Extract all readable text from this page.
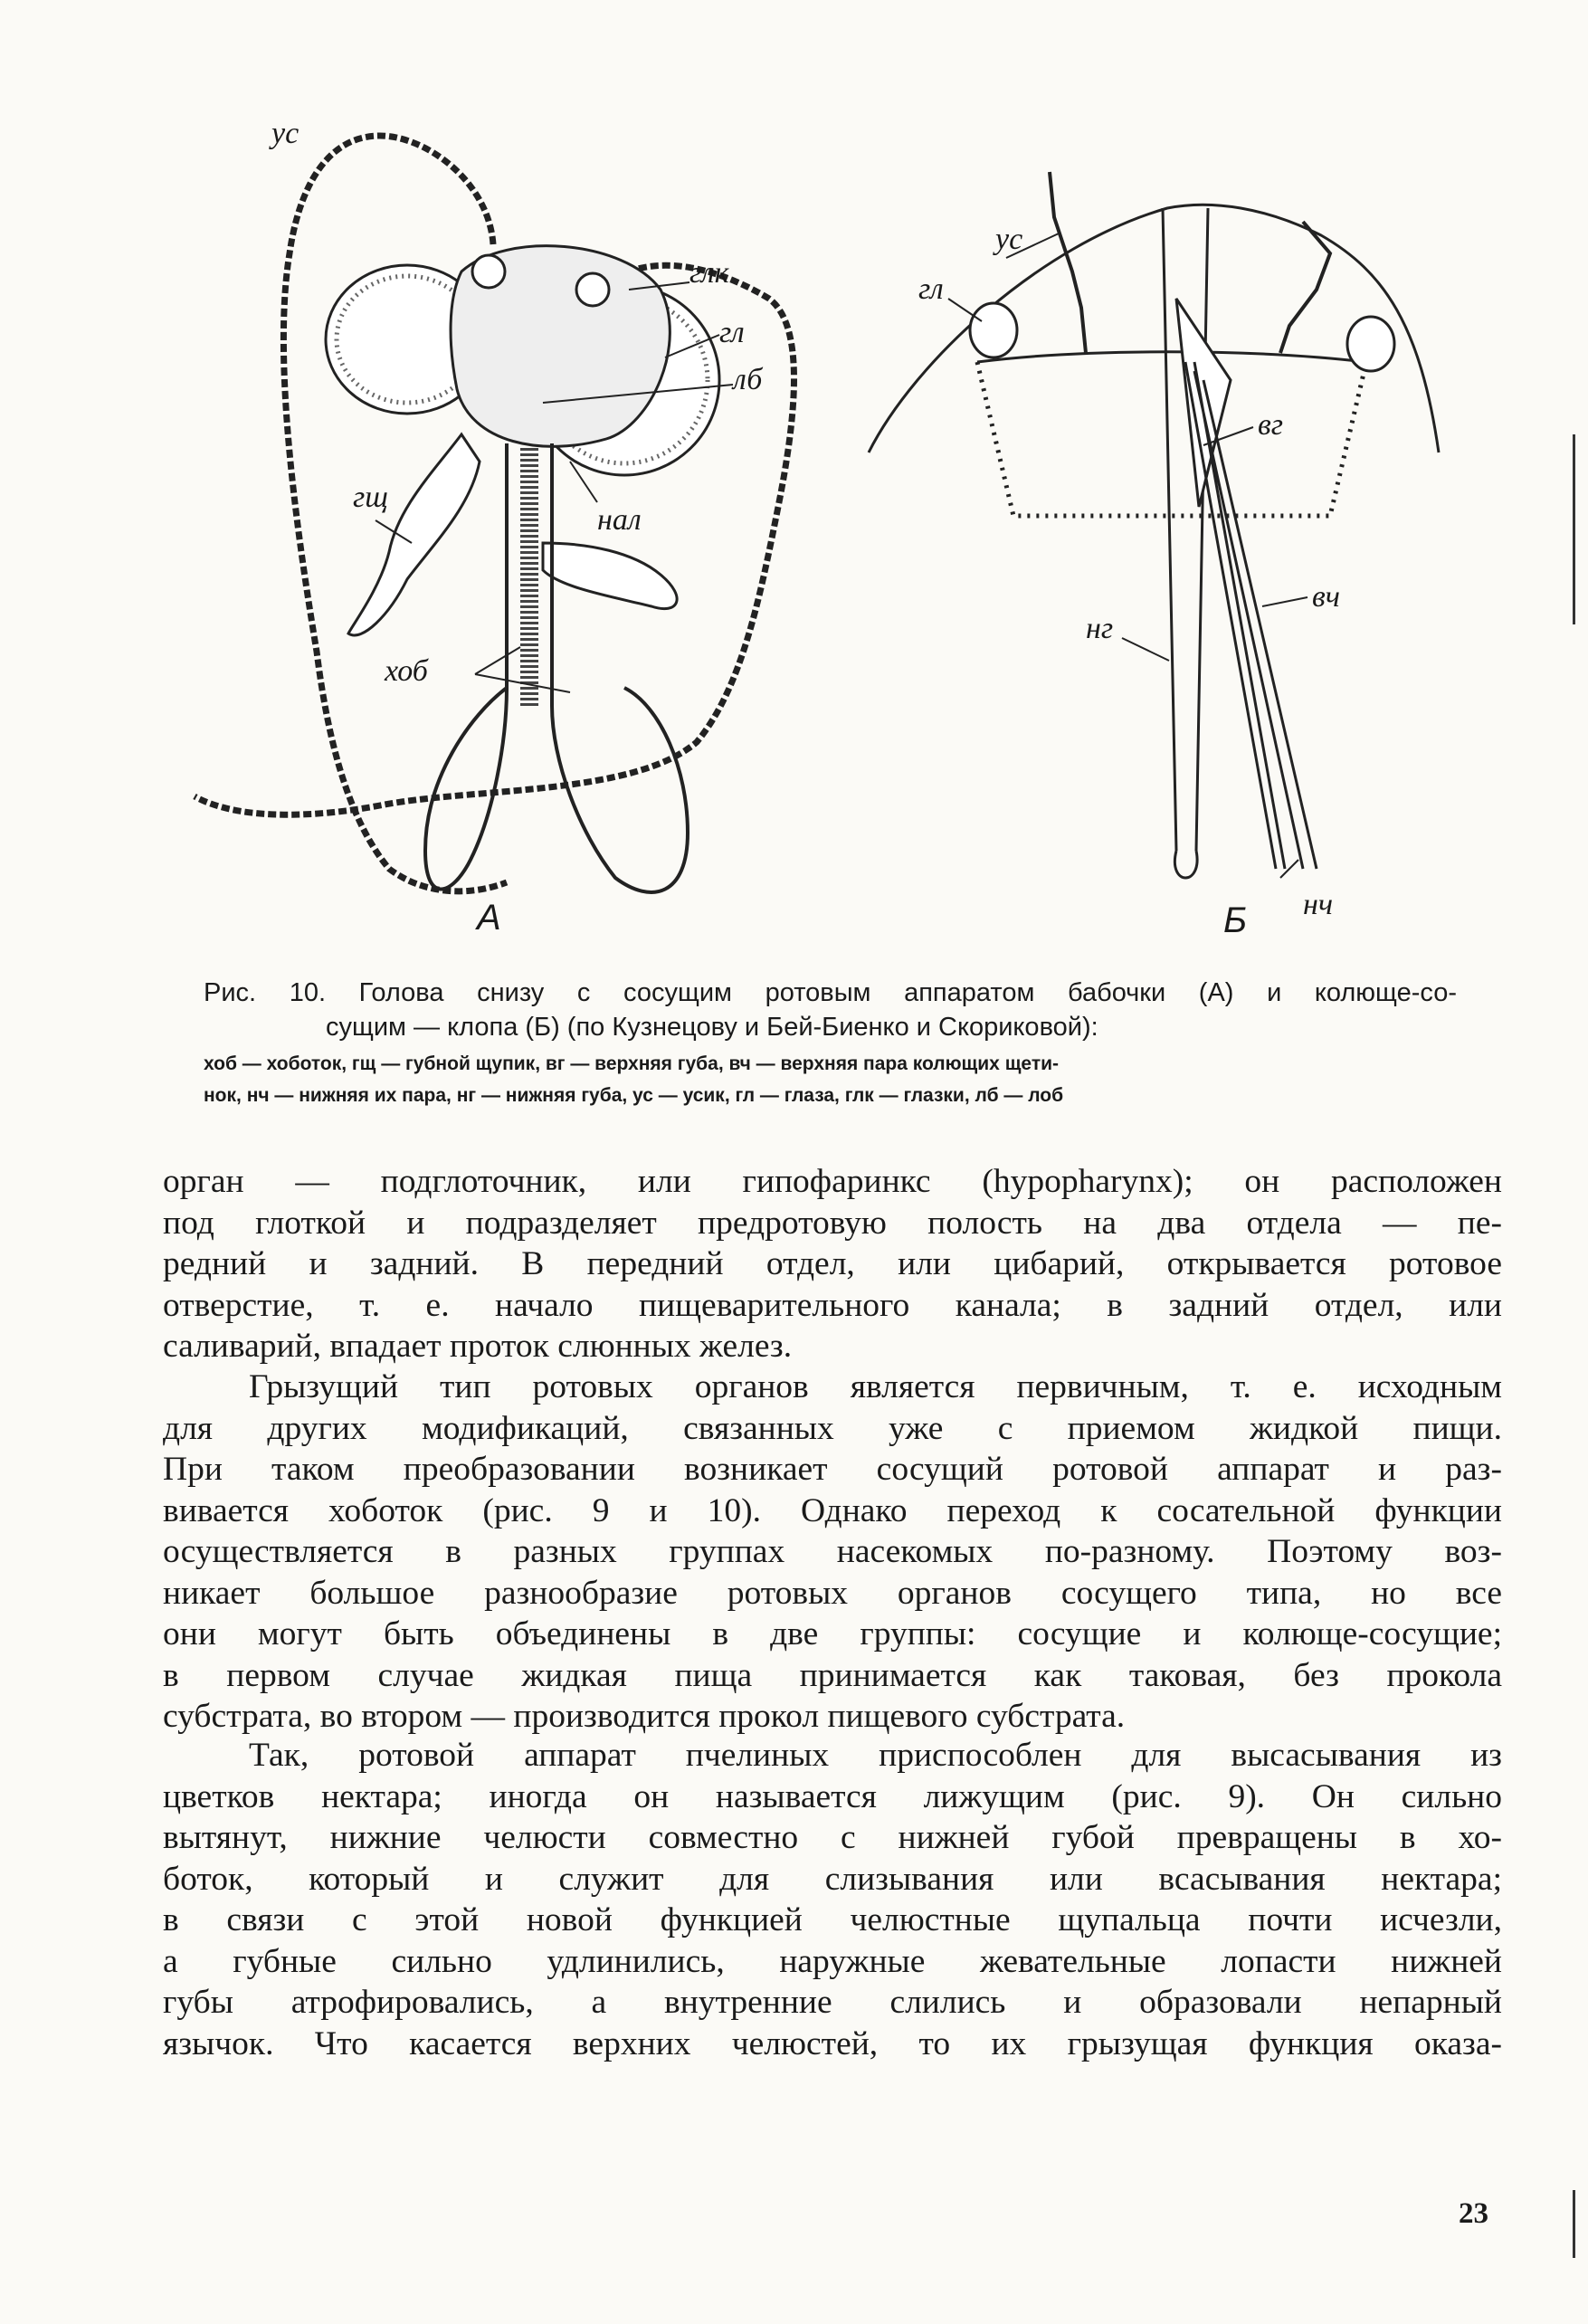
ус
глк
гл
лб
гщ
нал
хоб
А
ус
гл
вг
вч
нг
нч
Б
Рис. 10. Голова снизу с сосущим ротовым аппаратом бабочки (А) и колюще-со-
сущим — клопа (Б) (по Кузнецову и Бей-Биенко и Скориковой):
хоб — хоботок, гщ — губной щупик, вг — верхняя губа, вч — верхняя пара колющих щети-
нок, нч — нижняя их пара, нг — нижняя губа, ус — усик, гл — глаза, глк — глазки, лб — лоб

орган — подглоточник, или гипофаринкс (hypopharynx); он расположен

под глоткой и подразделяет предротовую полость на два отдела — пе-

редний и задний. В передний отдел, или цибарий, открывается ротовое

отверстие, т. е. начало пищеварительного канала; в задний отдел, или

саливарий, впадает проток слюнных желез.

Грызущий тип ротовых органов является первичным, т. е. исходным

для других модификаций, связанных уже с приемом жидкой пищи.

При таком преобразовании возникает сосущий ротовой аппарат и раз-

вивается хоботок (рис. 9 и 10). Однако переход к сосательной функции

осуществляется в разных группах насекомых по-разному. Поэтому воз-

никает большое разнообразие ротовых органов сосущего типа, но все

они могут быть объединены в две группы: сосущие и колюще-сосущие;

в первом случае жидкая пища принимается как таковая, без прокола

субстрата, во втором — производится прокол пищевого субстрата.

Так, ротовой аппарат пчелиных приспособлен для высасывания из

цветков нектара; иногда он называется лижущим (рис. 9). Он сильно

вытянут, нижние челюсти совместно с нижней губой превращены в хо-

боток, который и служит для слизывания или всасывания нектара;

в связи с этой новой функцией челюстные щупальца почти исчезли,

а губные сильно удлинились, наружные жевательные лопасти нижней

губы атрофировались, а внутренние слились и образовали непарный

язычок. Что касается верхних челюстей, то их грызущая функция оказа-

23
